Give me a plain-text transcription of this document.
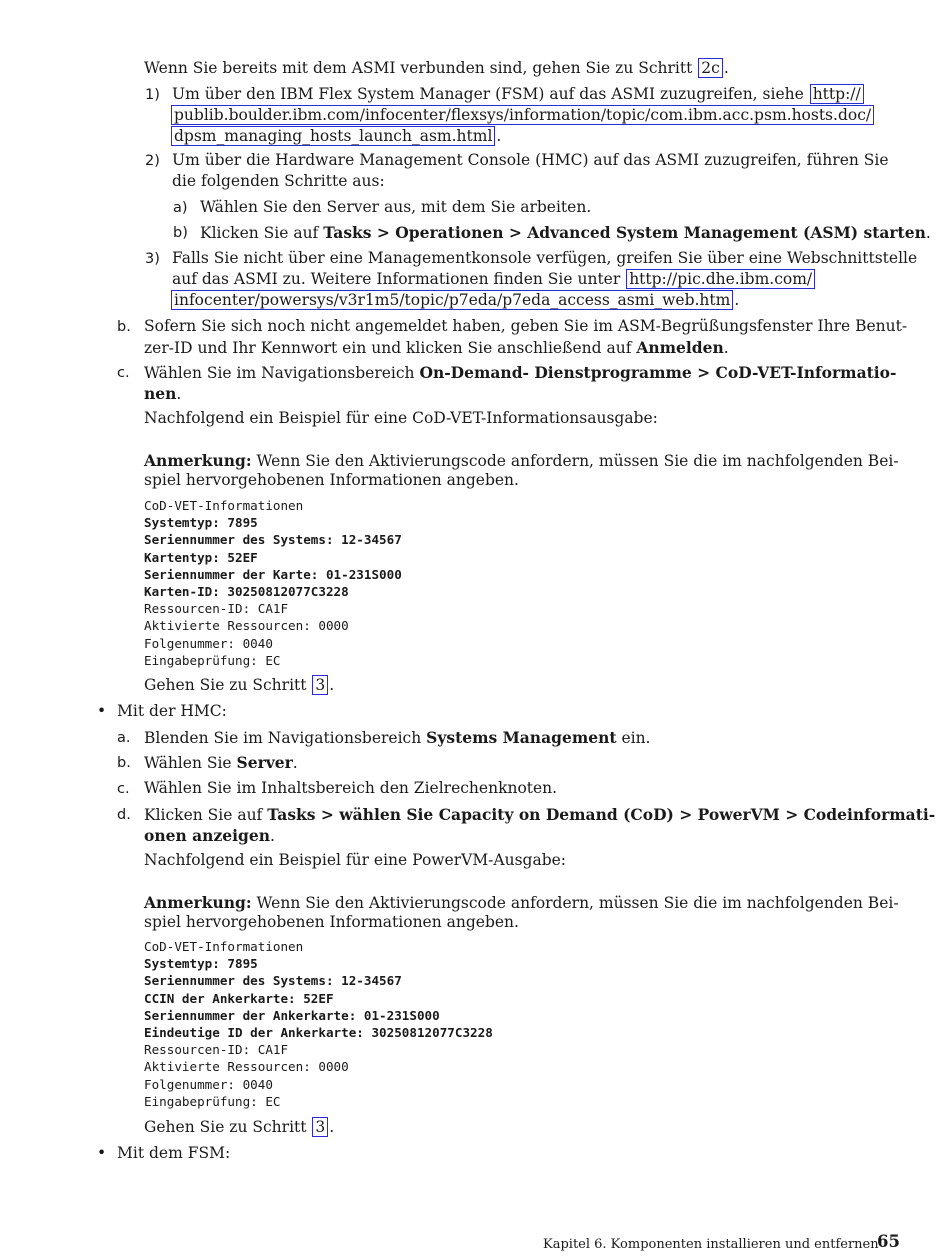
Wenn Sie bereits mit dem ASMI verbunden sind, gehen Sie zu Schritt 2c .
1) Um über den IBM Flex System Manager (FSM) auf das ASMI zuzugreifen, siehe http://
publib.boulder.ibm.com/infocenter/flexsys/information/topic/com.ibm.acc.psm.hosts.doc/
dpsm_managing_hosts_launch_asm.html .
2) Um über die Hardware Management Console (HMC) auf das ASMI zuzugreifen, führen Sie
die folgenden Schritte aus:
a) Wählen Sie den Server aus, mit dem Sie arbeiten.
b) Klicken Sie auf Tasks > Operationen > Advanced System Management (ASM) starten.
3) Falls Sie nicht über eine Managementkonsole verfügen, greifen Sie über eine Webschnittstelle
auf das ASMI zu. Weitere Informationen finden Sie unter http://pic.dhe.ibm.com/
infocenter/powersys/v3r1m5/topic/p7eda/p7eda_access_asmi_web.htm .
b. Sofern Sie sich noch nicht angemeldet haben, geben Sie im ASM-Begrüßungsfenster Ihre Benut-
zer-ID und Ihr Kennwort ein und klicken Sie anschließend auf Anmelden.
c. Wählen Sie im Navigationsbereich On-Demand- Dienstprogramme > CoD-VET-Informatio-
nen.
Nachfolgend ein Beispiel für eine CoD-VET-Informationsausgabe:
Anmerkung: Wenn Sie den Aktivierungscode anfordern, müssen Sie die im nachfolgenden Bei-
spiel hervorgehobenen Informationen angeben.
CoD-VET-Informationen
Systemtyp: 7895
Seriennummer des Systems: 12-34567
Kartentyp: 52EF
Seriennummer der Karte: 01-231S000
Karten-ID: 30250812077C3228
Ressourcen-ID: CA1F
Aktivierte Ressourcen: 0000
Folgenummer: 0040
Eingabeprüfung: EC
Gehen Sie zu Schritt 3 .
• Mit der HMC:
a. Blenden Sie im Navigationsbereich Systems Management ein.
b. Wählen Sie Server.
c. Wählen Sie im Inhaltsbereich den Zielrechenknoten.
d. Klicken Sie auf Tasks > wählen Sie Capacity on Demand (CoD) > PowerVM > Codeinformati-
onen anzeigen.
Nachfolgend ein Beispiel für eine PowerVM-Ausgabe:
Anmerkung: Wenn Sie den Aktivierungscode anfordern, müssen Sie die im nachfolgenden Bei-
spiel hervorgehobenen Informationen angeben.
CoD-VET-Informationen
Systemtyp: 7895
Seriennummer des Systems: 12-34567
CCIN der Ankerkarte: 52EF
Seriennummer der Ankerkarte: 01-231S000
Eindeutige ID der Ankerkarte: 30250812077C3228
Ressourcen-ID: CA1F
Aktivierte Ressourcen: 0000
Folgenummer: 0040
Eingabeprüfung: EC
Gehen Sie zu Schritt 3 .
• Mit dem FSM:
Kapitel 6. Komponenten installieren und entfernen
65
